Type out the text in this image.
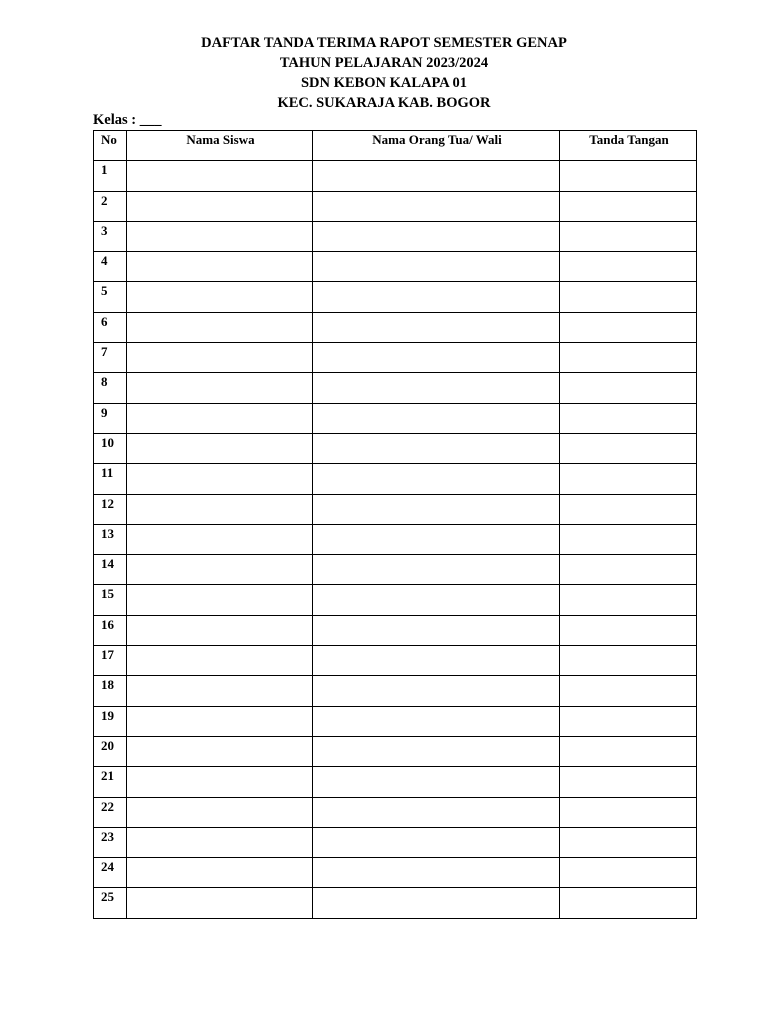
DAFTAR TANDA TERIMA RAPOT SEMESTER GENAP
TAHUN PELAJARAN 2023/2024
SDN KEBON KALAPA 01
KEC. SUKARAJA KAB. BOGOR
Kelas : ___
No	Nama Siswa	Nama Orang Tua/ Wali	Tanda Tangan
1			
2			
3			
4			
5			
6			
7			
8			
9			
10			
11			
12			
13			
14			
15			
16			
17			
18			
19			
20			
21			
22			
23			
24			
25			
